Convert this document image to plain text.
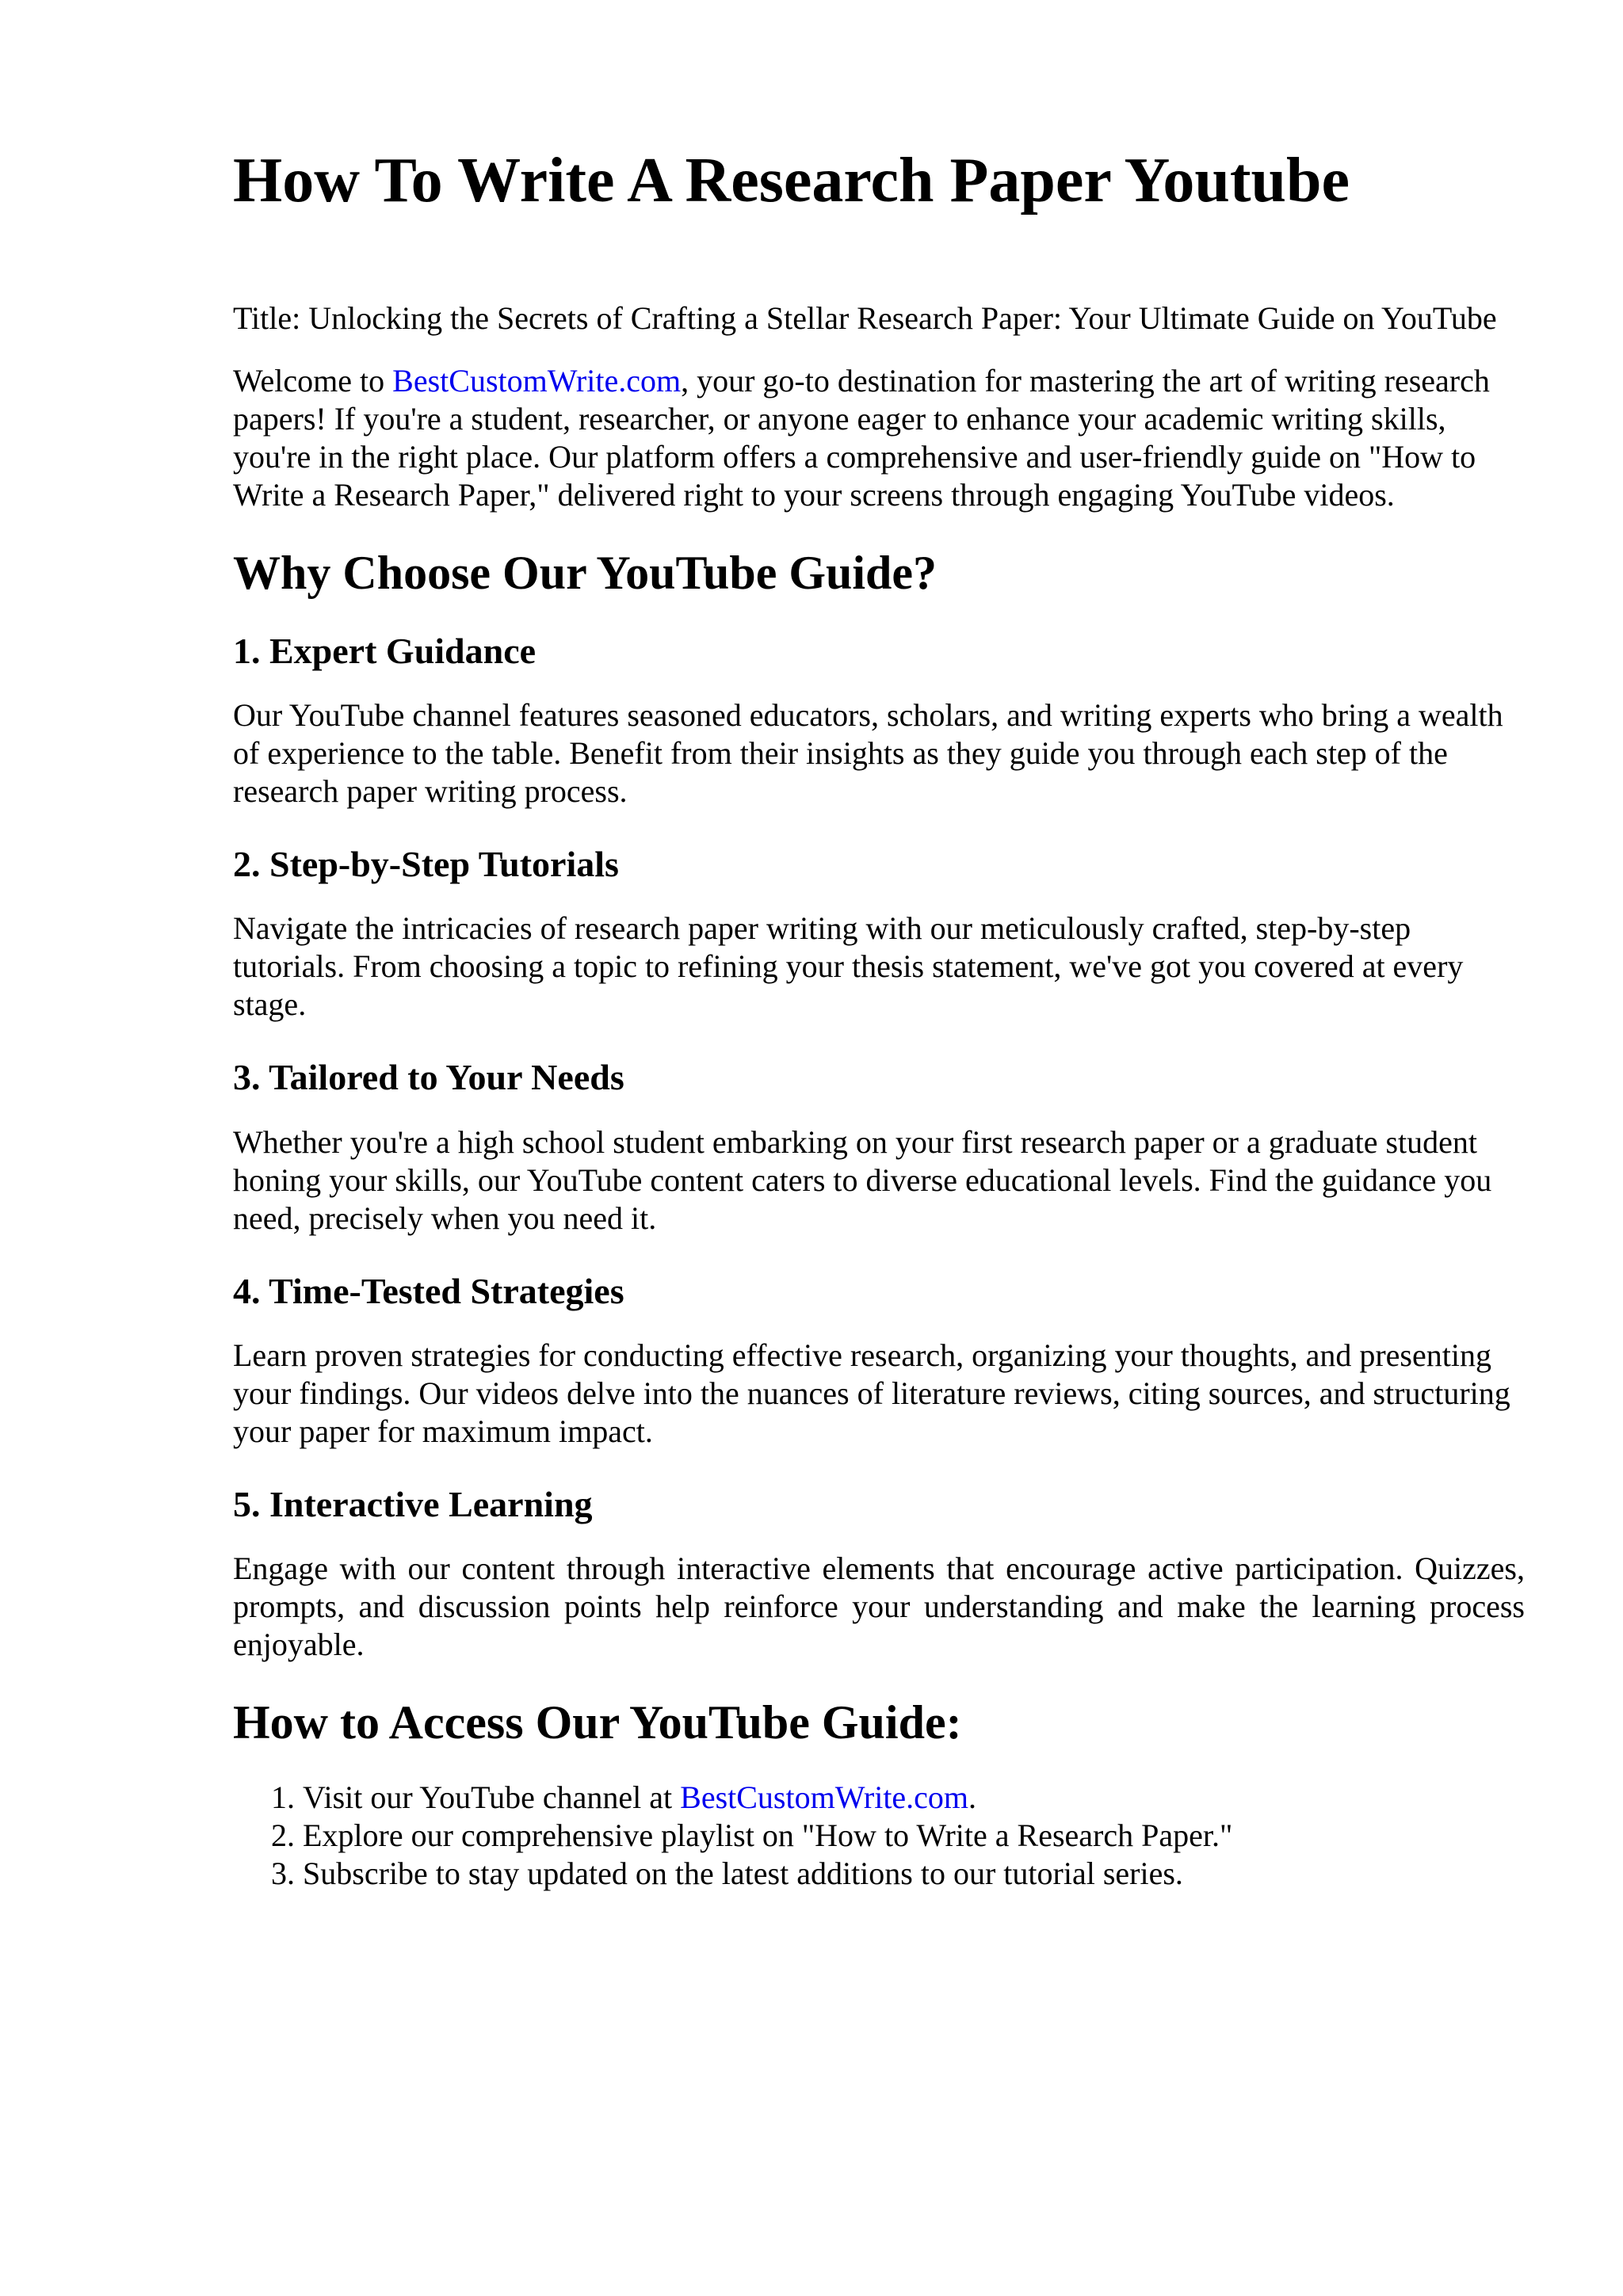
How To Write A Research Paper Youtube

Title: Unlocking the Secrets of Crafting a Stellar Research Paper: Your Ultimate Guide on YouTube

Welcome to BestCustomWrite.com, your go-to destination for mastering the art of writing research papers! If you're a student, researcher, or anyone eager to enhance your academic writing skills, you're in the right place. Our platform offers a comprehensive and user-friendly guide on "How to Write a Research Paper," delivered right to your screens through engaging YouTube videos.

Why Choose Our YouTube Guide?
1. Expert Guidance

Our YouTube channel features seasoned educators, scholars, and writing experts who bring a wealth of experience to the table. Benefit from their insights as they guide you through each step of the research paper writing process.

2. Step-by-Step Tutorials

Navigate the intricacies of research paper writing with our meticulously crafted, step-by-step tutorials. From choosing a topic to refining your thesis statement, we've got you covered at every stage.

3. Tailored to Your Needs

Whether you're a high school student embarking on your first research paper or a graduate student honing your skills, our YouTube content caters to diverse educational levels. Find the guidance you need, precisely when you need it.

4. Time-Tested Strategies

Learn proven strategies for conducting effective research, organizing your thoughts, and presenting your findings. Our videos delve into the nuances of literature reviews, citing sources, and structuring your paper for maximum impact.

5. Interactive Learning

Engage with our content through interactive elements that encourage active participation. Quizzes, prompts, and discussion points help reinforce your understanding and make the learning process enjoyable.

How to Access Our YouTube Guide:
1. Visit our YouTube channel at BestCustomWrite.com.
2. Explore our comprehensive playlist on "How to Write a Research Paper."
3. Subscribe to stay updated on the latest additions to our tutorial series.
